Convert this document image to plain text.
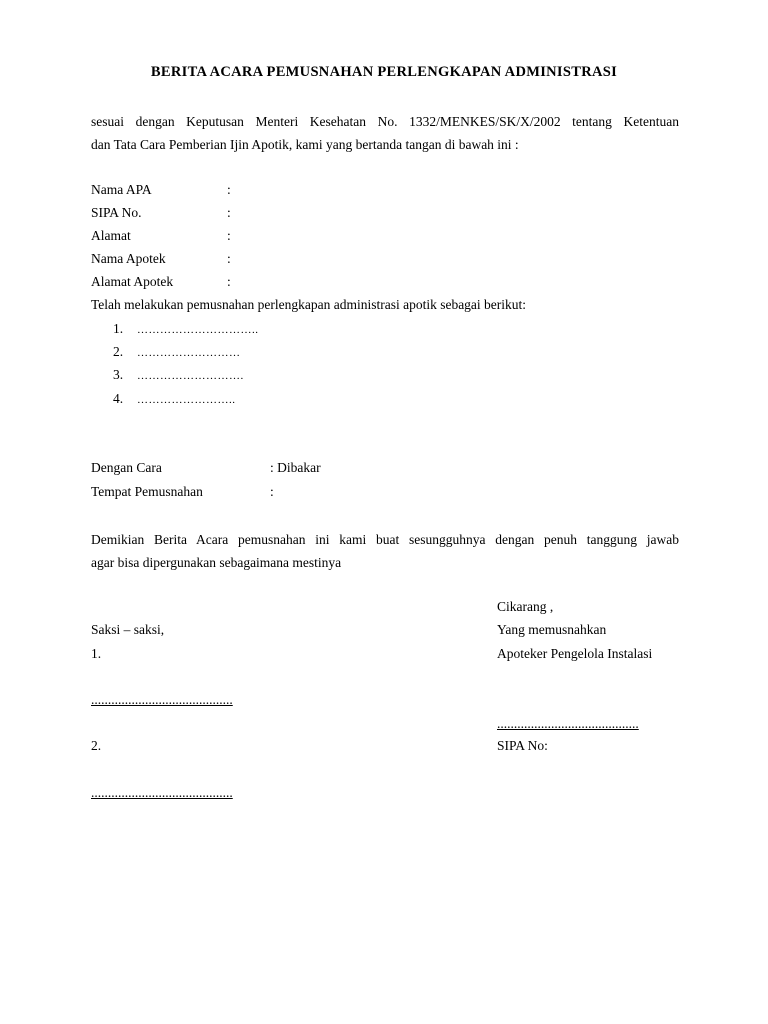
BERITA ACARA PEMUSNAHAN PERLENGKAPAN ADMINISTRASI
sesuai dengan Keputusan Menteri Kesehatan No. 1332/MENKES/SK/X/2002 tentang Ketentuan
dan Tata Cara Pemberian Ijin Apotik, kami yang bertanda tangan di bawah ini :
Nama APA	:
SIPA No.	:
Alamat	:
Nama Apotek	:
Alamat Apotek	:
Telah melakukan pemusnahan perlengkapan administrasi apotik sebagai berikut:
1. …………………………..
2. ………………………
3. ……………………….
4. ……………………..
Dengan Cara	: Dibakar
Tempat Pemusnahan	:
Demikian Berita Acara pemusnahan ini kami buat sesungguhnya dengan penuh tanggung jawab
agar bisa dipergunakan sebagaimana mestinya
Saksi – saksi,
1.
..........................................
2.
..........................................
Cikarang ,
Yang memusnahkan
Apoteker Pengelola Instalasi
..........................................
SIPA No:
